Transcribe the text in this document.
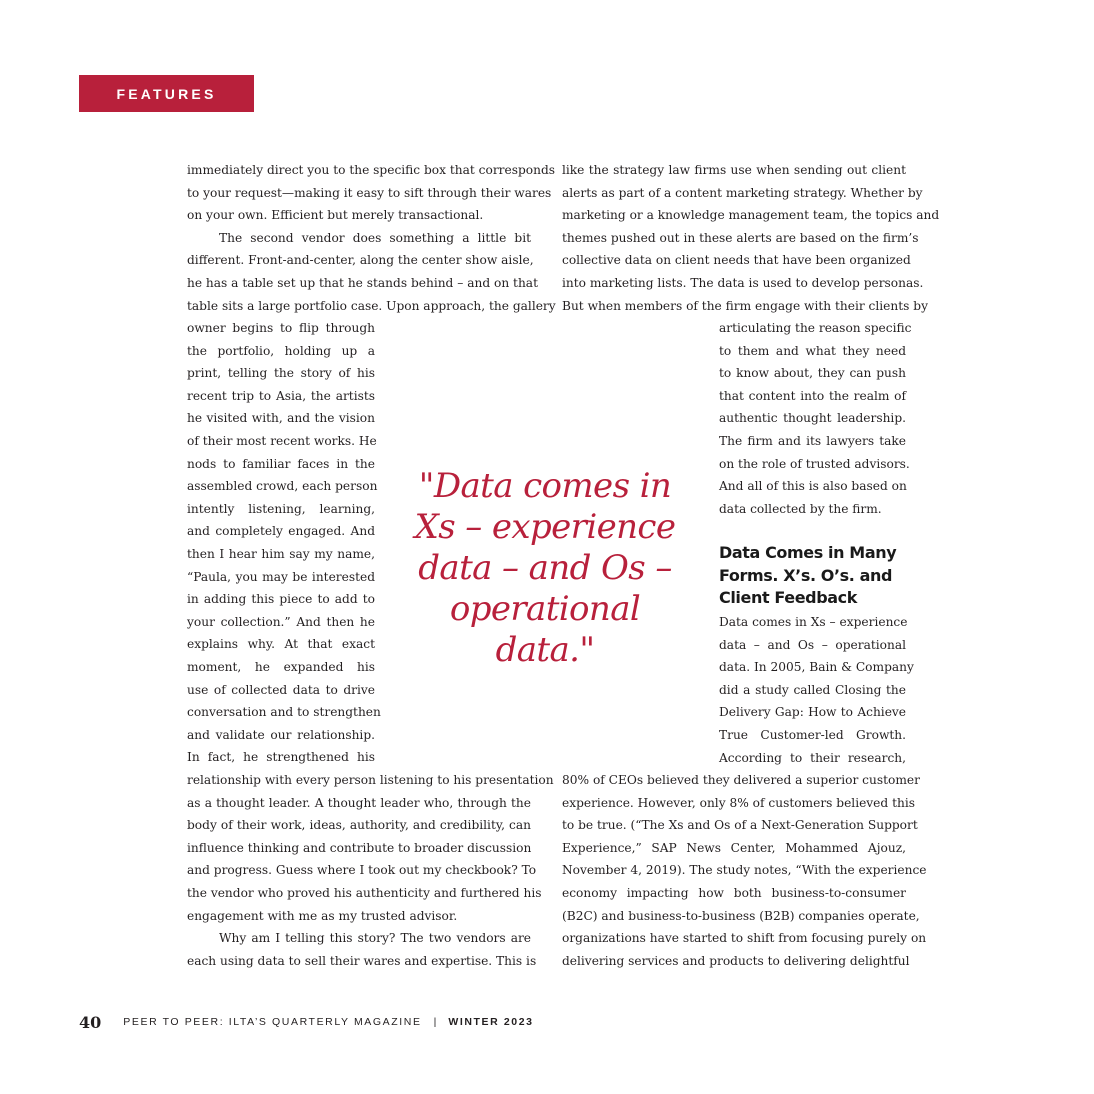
FEATURES
immediately direct you to the specific box that corresponds
to your request—making it easy to sift through their wares
on your own. Efficient but merely transactional.
The second vendor does something a little bit
different. Front-and-center, along the center show aisle,
he has a table set up that he stands behind – and on that
table sits a large portfolio case. Upon approach, the gallery
owner begins to flip through
the portfolio, holding up a
print, telling the story of his
recent trip to Asia, the artists
he visited with, and the vision
of their most recent works. He
nods to familiar faces in the
assembled crowd, each person
intently listening, learning,
and completely engaged. And
then I hear him say my name,
“Paula, you may be interested
in adding this piece to add to
your collection.” And then he
explains why. At that exact
moment, he expanded his
use of collected data to drive
conversation and to strengthen
and validate our relationship.
In fact, he strengthened his
relationship with every person listening to his presentation
as a thought leader. A thought leader who, through the
body of their work, ideas, authority, and credibility, can
influence thinking and contribute to broader discussion
and progress. Guess where I took out my checkbook? To
the vendor who proved his authenticity and furthered his
engagement with me as my trusted advisor.
Why am I telling this story? The two vendors are
each using data to sell their wares and expertise. This is
"Data comes in
Xs – experience
data – and Os –
operational data."
like the strategy law firms use when sending out client
alerts as part of a content marketing strategy. Whether by
marketing or a knowledge management team, the topics and
themes pushed out in these alerts are based on the firm’s
collective data on client needs that have been organized
into marketing lists. The data is used to develop personas.
But when members of the firm engage with their clients by
articulating the reason specific
to them and what they need
to know about, they can push
that content into the realm of
authentic thought leadership.
The firm and its lawyers take
on the role of trusted advisors.
And all of this is also based on
data collected by the firm.
Data Comes in Many
Forms. X’s. O’s. and
Client Feedback
Data comes in Xs – experience
data – and Os – operational
data. In 2005, Bain & Company
did a study called Closing the
Delivery Gap: How to Achieve
True Customer-led Growth.
According to their research,
80% of CEOs believed they delivered a superior customer
experience. However, only 8% of customers believed this
to be true. (“The Xs and Os of a Next-Generation Support
Experience,” SAP News Center, Mohammed Ajouz,
November 4, 2019). The study notes, “With the experience
economy impacting how both business-to-consumer
(B2C) and business-to-business (B2B) companies operate,
organizations have started to shift from focusing purely on
delivering services and products to delivering delightful
40 PEER TO PEER: ILTA’S QUARTERLY MAGAZINE | WINTER 2023
